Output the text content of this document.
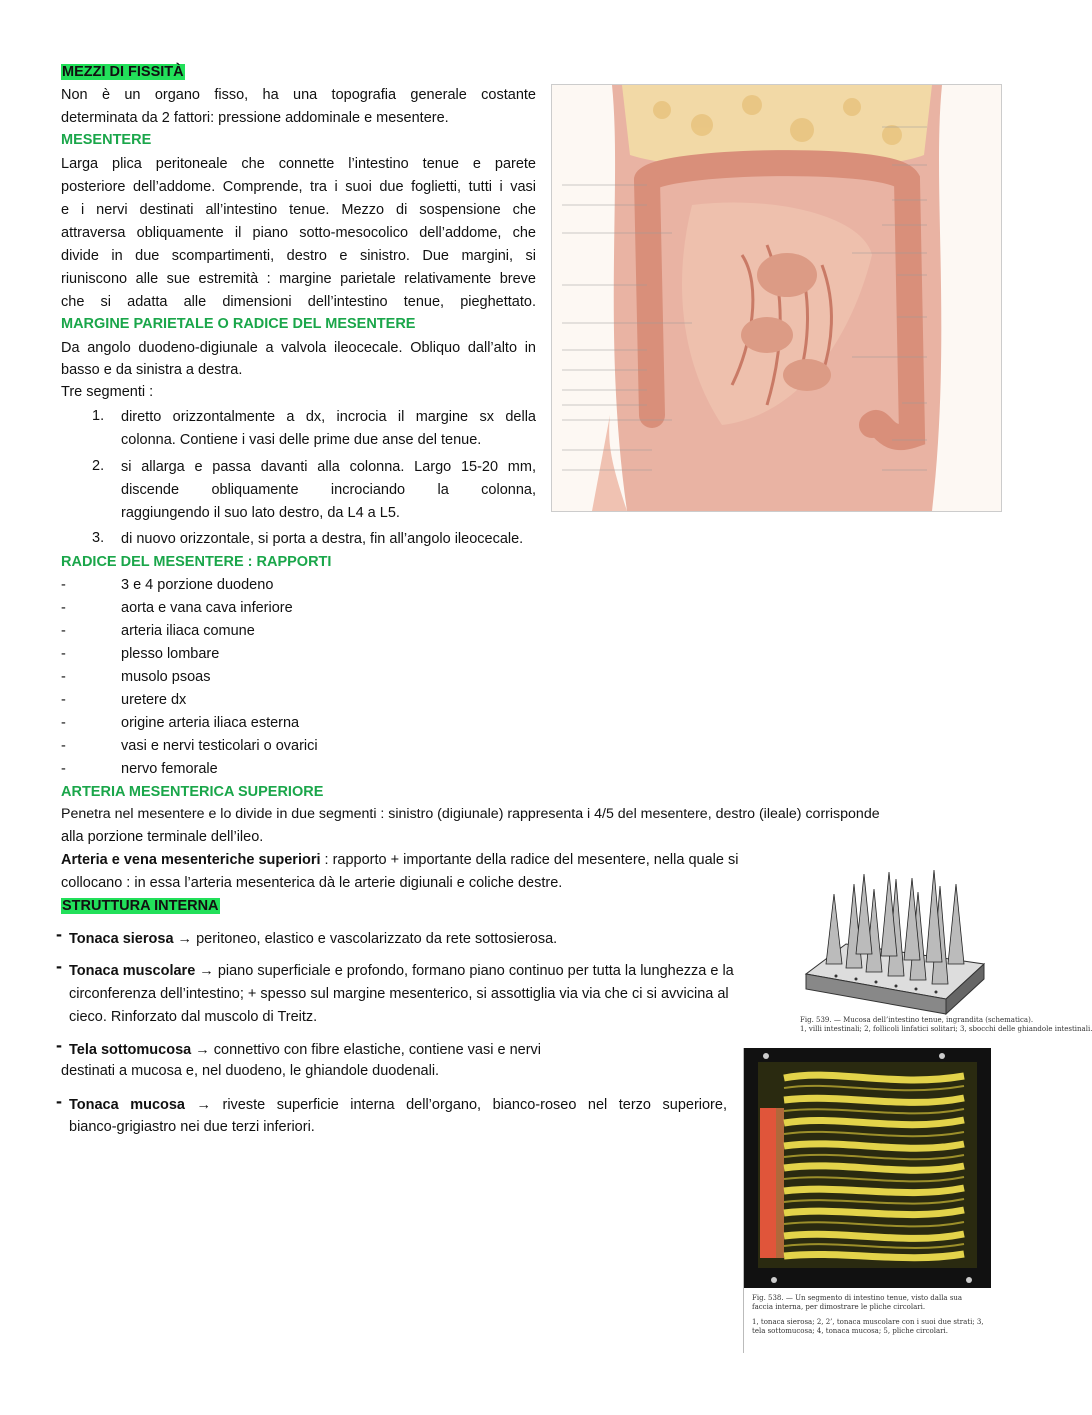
MEZZI DI FISSITÀ
Non è un organo fisso, ha una topografia generale costante
determinata da 2 fattori: pressione addominale e mesentere.
MESENTERE
Larga plica peritoneale che connette l’intestino tenue e parete
posteriore dell’addome. Comprende, tra i suoi due foglietti, tutti i vasi
e i nervi destinati all’intestino tenue. Mezzo di sospensione che
attraversa obliquamente il piano sotto-mesocolico dell’addome, che
divide in due scompartimenti, destro e sinistro. Due margini, si
riuniscono alle sue estremità : margine parietale relativamente breve
che si adatta alle dimensioni dell’intestino tenue, pieghettato.
MARGINE PARIETALE O RADICE DEL MESENTERE
Da angolo duodeno-digiunale a valvola ileocecale. Obliquo dall’alto in
basso e da sinistra a destra.
Tre segmenti :
1. diretto orizzontalmente a dx, incrocia il margine sx della
colonna. Contiene i vasi delle prime due anse del tenue.
2. si allarga e passa davanti alla colonna. Largo 15-20 mm,
discende obliquamente incrociando la colonna,
raggiungendo il suo lato destro, da L4 a L5.
3. di nuovo orizzontale, si porta a destra, fin all’angolo ileocecale.
RADICE DEL MESENTERE : RAPPORTI
-	3 e 4 porzione duodeno
-	aorta e vana cava inferiore
-	arteria iliaca comune
-	plesso lombare
-	musolo psoas
-	uretere dx
-	origine arteria iliaca esterna
-	vasi e nervi testicolari o ovarici
-	nervo femorale
ARTERIA MESENTERICA SUPERIORE
Penetra nel mesentere e lo divide in due segmenti : sinistro (digiunale) rappresenta i 4/5 del mesentere, destro (ileale) corrisponde
alla porzione terminale dell’ileo.
Arteria e vena mesenteriche superiori : rapporto + importante della radice del mesentere, nella quale si
collocano : in essa l’arteria mesenterica dà le arterie digiunali e coliche destre.
STRUTTURA INTERNA
- Tonaca sierosa → peritoneo, elastico e vascolarizzato da rete sottosierosa.
- Tonaca muscolare → piano superficiale e profondo, formano piano continuo per tutta la lunghezza e la
circonferenza dell’intestino; + spesso sul margine mesenterico, si assottiglia via via che ci si avvicina al
cieco. Rinforzato dal muscolo di Treitz.
- Tela sottomucosa → connettivo con fibre elastiche, contiene vasi e nervi
destinati a mucosa e, nel duodeno, le ghiandole duodenali.
- Tonaca mucosa → riveste superficie interna dell’organo, bianco-roseo nel terzo superiore,
bianco-grigiastro nei due terzi inferiori.
Fig. 539. — Mucosa dell’intestino tenue, ingrandita (schematica).
1, villi intestinali; 2, follicoli linfatici solitari; 3, sbocchi delle ghiandole intestinali.
Fig. 538. — Un segmento di intestino tenue, visto dalla sua faccia interna, per dimostrare le pliche circolari.
1, tonaca sierosa; 2, 2’, tonaca muscolare con i suoi due strati; 3, tela sottomucosa; 4, tonaca mucosa; 5, pliche circolari.
